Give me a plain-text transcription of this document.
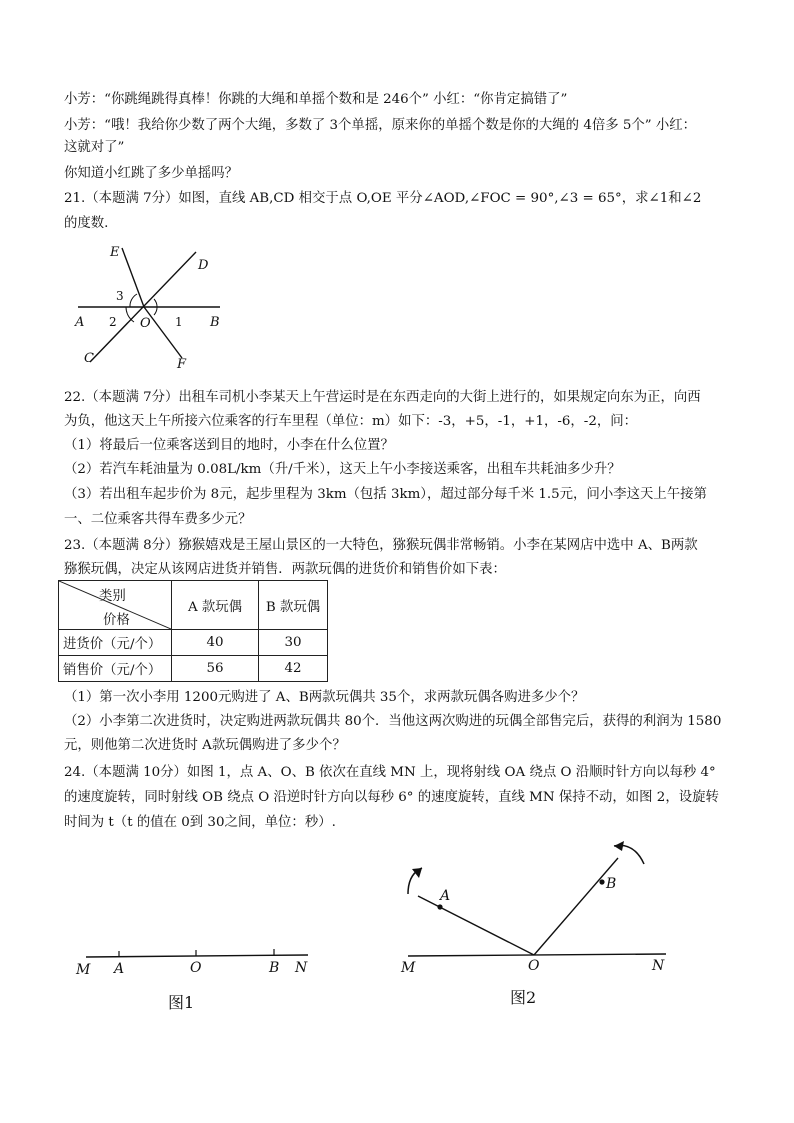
小芳：“你跳绳跳得真棒！你跳的大绳和单摇个数和是 246个” 小红：“你肯定搞错了”
小芳：“哦！我给你少数了两个大绳，多数了 3个单摇，原来你的单摇个数是你的大绳的 4倍多 5个” 小红：
这就对了”
你知道小红跳了多少单摇吗？
21.（本题满 7分）如图，直线 AB,CD 相交于点 O,OE 平分∠AOD,∠FOC = 90°,∠3 = 65°，求∠1和∠2
的度数.
E
D
A	B
C	F
O 1
2
3
22.（本题满 7分）出租车司机小李某天上午营运时是在东西走向的大街上进行的，如果规定向东为正，向西
为负，他这天上午所接六位乘客的行车里程（单位：m）如下：-3，+5，-1，+1，-6，-2，问：
（1）将最后一位乘客送到目的地时，小李在什么位置？
（2）若汽车耗油量为 0.08L/km（升/千米），这天上午小李接送乘客，出租车共耗油多少升？
（3）若出租车起步价为 8元，起步里程为 3km（包括 3km），超过部分每千米 1.5元，问小李这天上午接第
一、二位乘客共得车费多少元？
23.（本题满 8分）猕猴嬉戏是王屋山景区的一大特色，猕猴玩偶非常畅销。小李在某网店中选中 A、B两款
猕猴玩偶，决定从该网店进货并销售．两款玩偶的进货价和销售价如下表：
类别
价格	A 款玩偶	B 款玩偶
进货价（元/个）	40	30
销售价（元/个）	56	42
（1）第一次小李用 1200元购进了 A、B两款玩偶共 35个，求两款玩偶各购进多少个？
（2）小李第二次进货时，决定购进两款玩偶共 80个．当他这两次购进的玩偶全部售完后，获得的利润为 1580
元，则他第二次进货时 A款玩偶购进了多少个？
24.（本题满 10分）如图 1，点 A、O、B 依次在直线 MN 上，现将射线 OA 绕点 O 沿顺时针方向以每秒 4°
的速度旋转，同时射线 OB 绕点 O 沿逆时针方向以每秒 6° 的速度旋转，直线 MN 保持不动，如图 2，设旋转
时间为 t（t 的值在 0到 30之间，单位：秒）.
M A	O	B N
图1
A
B
M	O	N
图2
